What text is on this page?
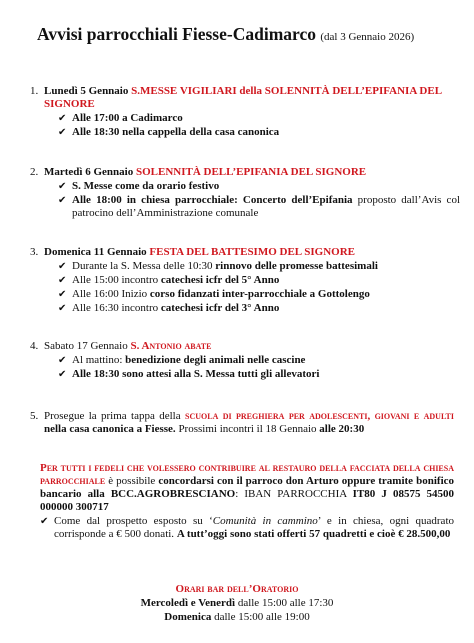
Avvisi parrocchiali Fiesse-Cadimarco (dal 3 Gennaio 2026)
1. Lunedì 5 Gennaio S.MESSE VIGILIARI della SOLENNITÀ DELL’EPIFANIA DEL SIGNORE
✔ Alle 17:00 a Cadimarco
✔ Alle 18:30 nella cappella della casa canonica
2. Martedì 6 Gennaio SOLENNITÀ DELL’EPIFANIA DEL SIGNORE
✔ S. Messe come da orario festivo
✔ Alle 18:00 in chiesa parrocchiale: Concerto dell’Epifania proposto dall’Avis col patrocino dell’Amministrazione comunale
3. Domenica 11 Gennaio FESTA DEL BATTESIMO DEL SIGNORE
✔ Durante la S. Messa delle 10:30 rinnovo delle promesse battesimali
✔ Alle 15:00 incontro catechesi icfr del 5° Anno
✔ Alle 16:00 Inizio corso fidanzati inter-parrocchiale a Gottolengo
✔ Alle 16:30 incontro catechesi icfr del 3° Anno
4. Sabato 17 Gennaio S. Antonio abate
✔ Al mattino: benedizione degli animali nelle cascine
✔ Alle 18:30 sono attesi alla S. Messa tutti gli allevatori
5. Prosegue la prima tappa della scuola di preghiera per adolescenti, giovani e adulti nella casa canonica a Fiesse. Prossimi incontri il 18 Gennaio alle 20:30

Per tutti i fedeli che volessero contribuire al restauro della facciata della chiesa parrocchiale è possibile concordarsi con il parroco don Arturo oppure tramite bonifico bancario alla BCC.AGROBRESCIANO: IBAN PARROCCHIA IT80 J 08575 54500 000000 300717

✔ Come dal prospetto esposto su ‘Comunità in cammino’ e in chiesa, ogni quadrato corrisponde a € 500 donati. A tutt’oggi sono stati offerti 57 quadretti e cioè € 28.500,00
Orari bar dell’Oratorio
Mercoledì e Venerdì dalle 15:00 alle 17:30
Domenica dalle 15:00 alle 19:00
